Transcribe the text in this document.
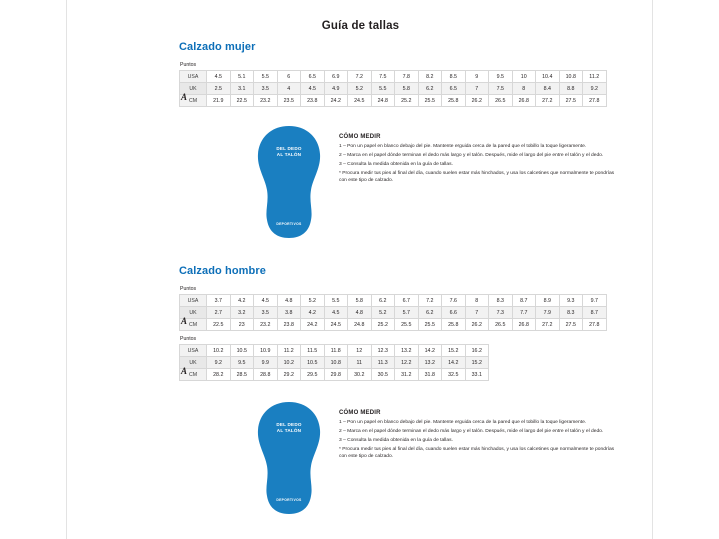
Guía de tallas
Calzado mujer
Puntos
USA	4.5	5.1	5.5	6	6.5	6.9	7.2	7.5	7.8	8.2	8.5	9	9.5	10	10.4	10.8	11.2
UK	2.5	3.1	3.5	4	4.5	4.9	5.2	5.5	5.8	6.2	6.5	7	7.5	8	8.4	8.8	9.2
CM	21.9	22.5	23.2	23.5	23.8	24.2	24.5	24.8	25.2	25.5	25.8	26.2	26.5	26.8	27.2	27.5	27.8
A
DEL DEDO
AL TALÓN
DEPORTIVOS
CÓMO MEDIR

1 – Pon un papel en blanco debajo del pie. Mantente erguida cerca de la pared que el tobillo la toque ligeramente.

2 – Marca en el papel dónde terminan el dedo más largo y el talón. Después, mide el largo del pie entre el talón y el dedo.

3 – Consulta la medida obtenida en la guía de tallas.

* Procura medir tus pies al final del día, cuando suelen estar más hinchados, y usa los calcetines que normalmente te pondrías con este tipo de calzado.

Calzado hombre
Puntos
USA	3.7	4.2	4.5	4.8	5.2	5.5	5.8	6.2	6.7	7.2	7.6	8	8.3	8.7	8.9	9.3	9.7
UK	2.7	3.2	3.5	3.8	4.2	4.5	4.8	5.2	5.7	6.2	6.6	7	7.3	7.7	7.9	8.3	8.7
CM	22.5	23	23.2	23.8	24.2	24.5	24.8	25.2	25.5	25.5	25.8	26.2	26.5	26.8	27.2	27.5	27.8
A
Puntos
USA	10.2	10.5	10.9	11.2	11.5	11.8	12	12.3	13.2	14.2	15.2	16.2
UK	9.2	9.5	9.9	10.2	10.5	10.8	11	11.3	12.2	13.2	14.2	15.2
CM	28.2	28.5	28.8	29.2	29.5	29.8	30.2	30.5	31.2	31.8	32.5	33.1
A
DEL DEDO
AL TALÓN
DEPORTIVOS
CÓMO MEDIR

1 – Pon un papel en blanco debajo del pie. Mantente erguida cerca de la pared que el tobillo la toque ligeramente.

2 – Marca en el papel dónde terminan el dedo más largo y el talón. Después, mide el largo del pie entre el talón y el dedo.

3 – Consulta la medida obtenida en la guía de tallas.

* Procura medir tus pies al final del día, cuando suelen estar más hinchados, y usa los calcetines que normalmente te pondrías con este tipo de calzado.
